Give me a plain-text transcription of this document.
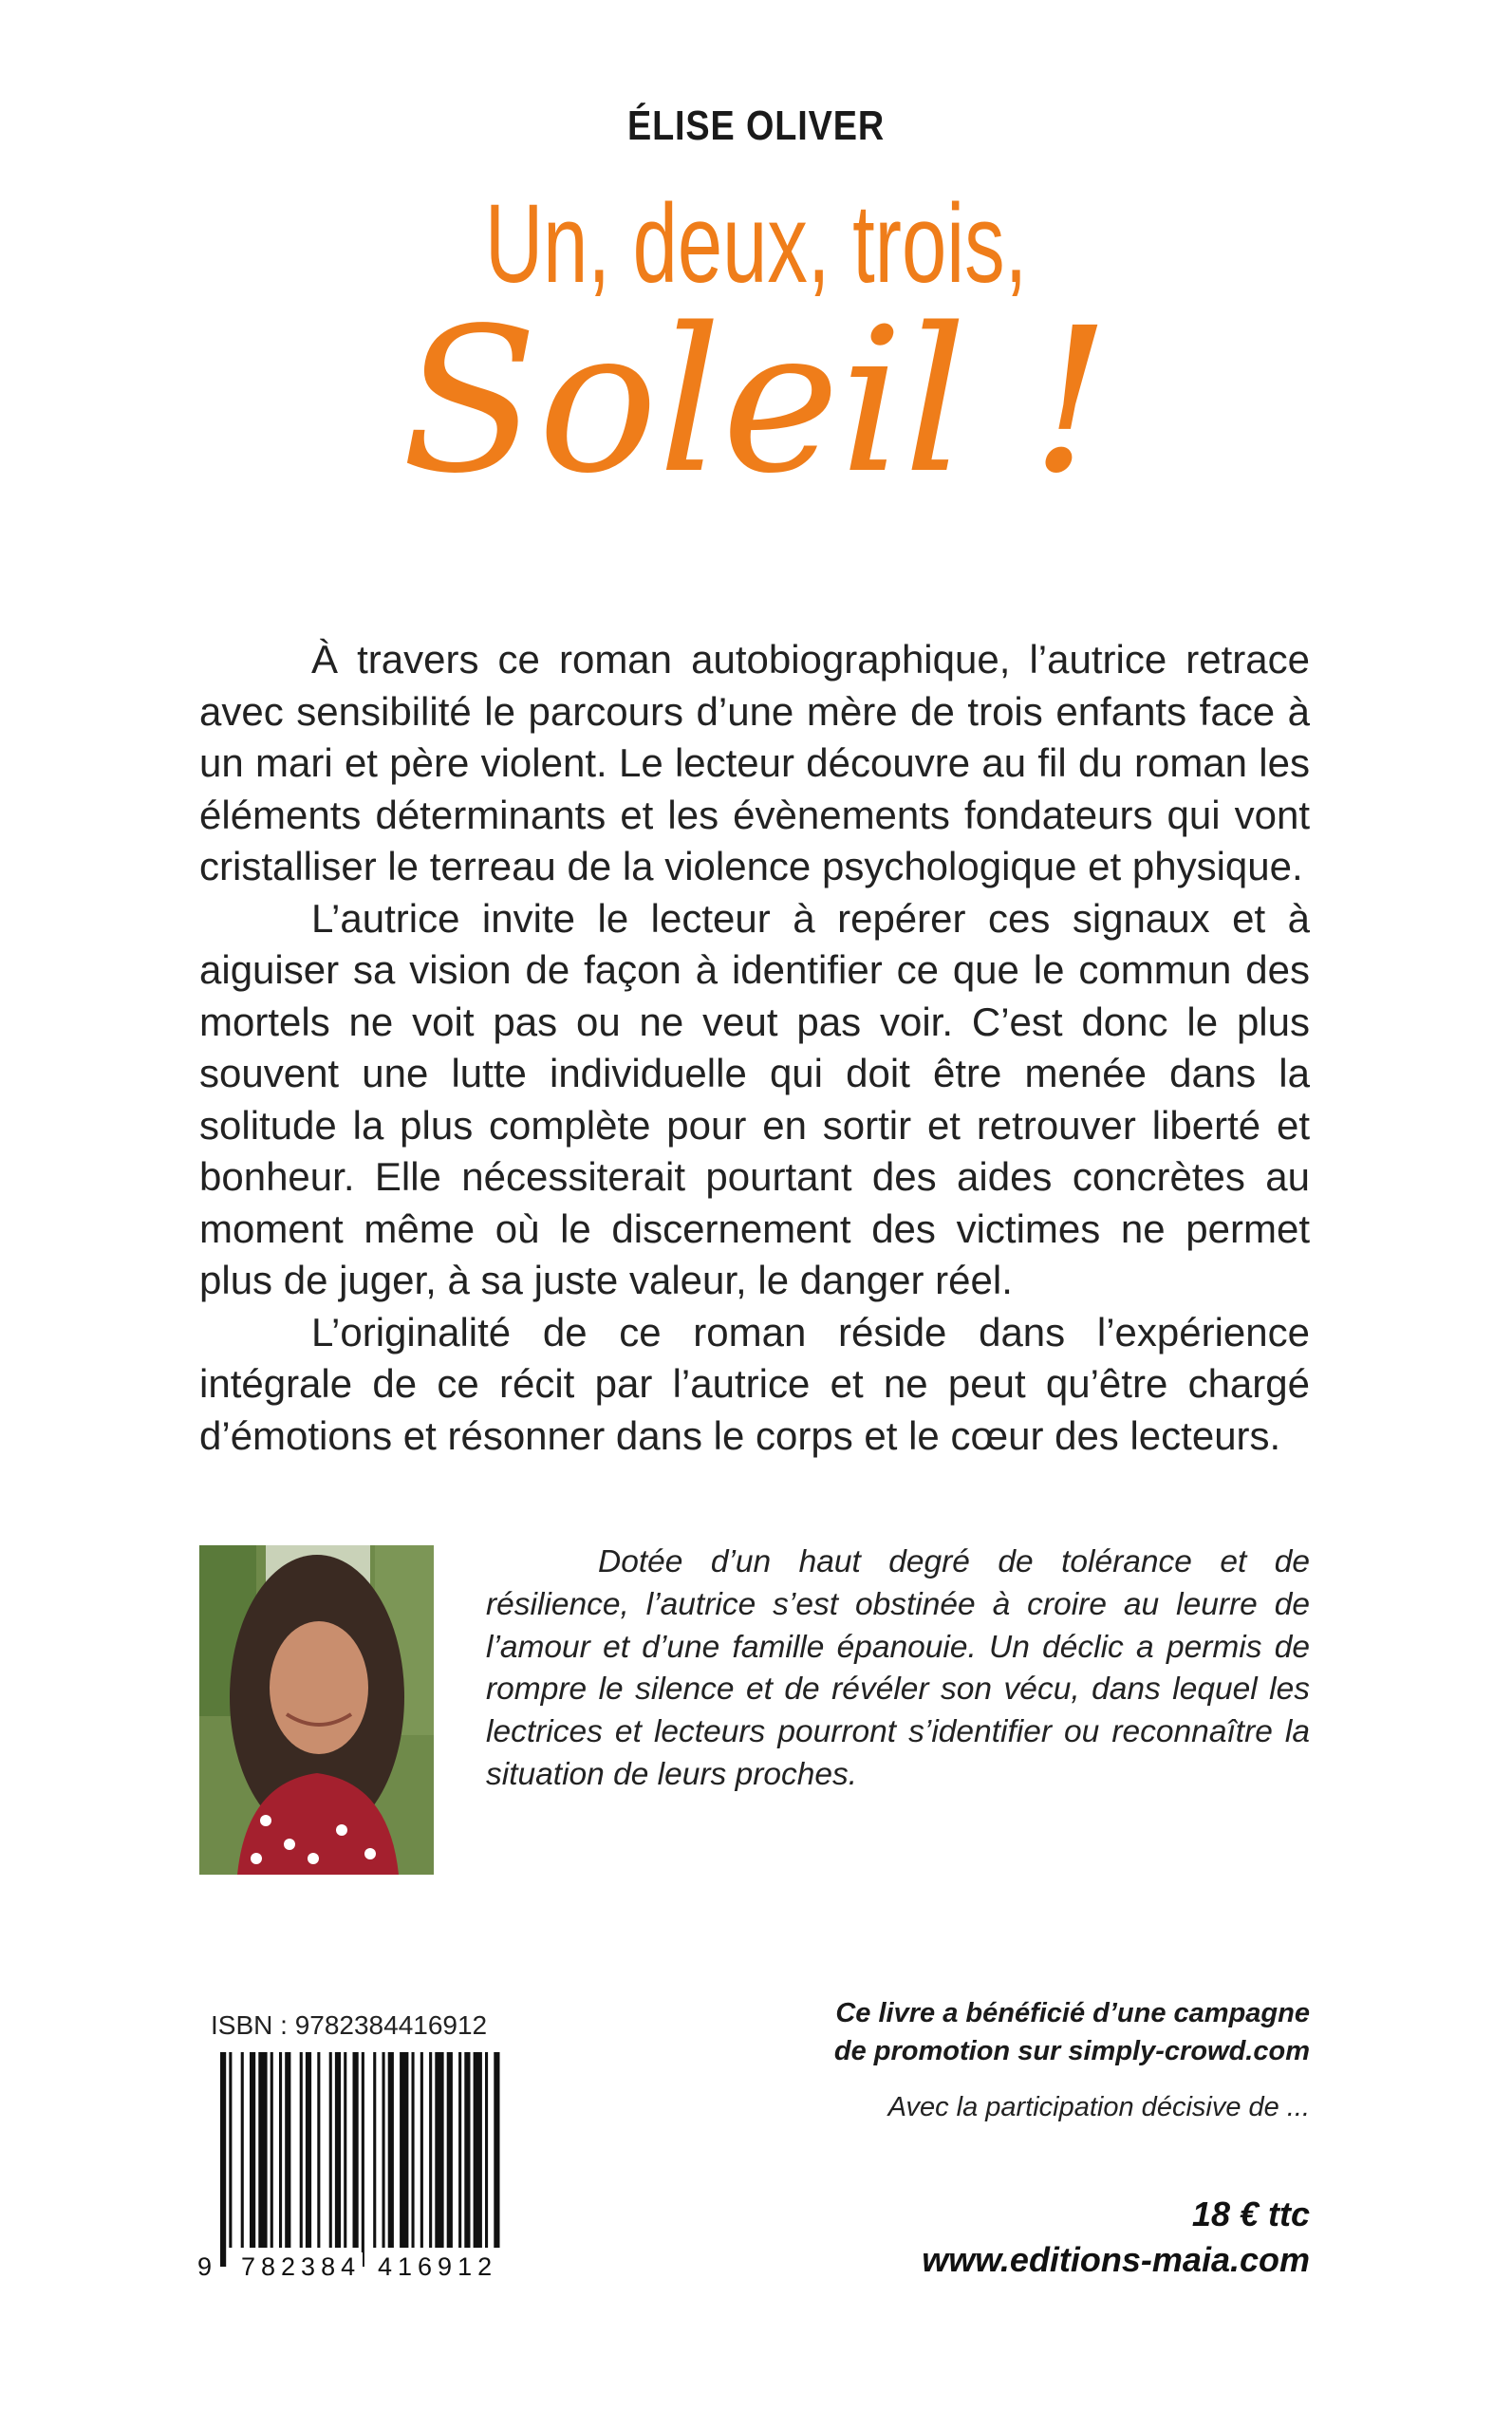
ÉLISE OLIVER
Un, deux, trois,
Soleil !

À travers ce roman autobiographique, l’autrice retrace avec sensibilité le parcours d’une mère de trois enfants face à un mari et père violent. Le lecteur découvre au fil du roman les éléments déterminants et les évènements fondateurs qui vont cristalliser le terreau de la violence psychologique et physique.

L’autrice invite le lecteur à repérer ces signaux et à aiguiser sa vision de façon à identifier ce que le commun des mortels ne voit pas ou ne veut pas voir. C’est donc le plus souvent une lutte individuelle qui doit être menée dans la solitude la plus complète pour en sortir et retrouver liberté et bonheur. Elle nécessiterait pourtant des aides concrètes au moment même où le discernement des victimes ne permet plus de juger, à sa juste valeur, le danger réel.

L’originalité de ce roman réside dans l’expérience intégrale de ce récit par l’autrice et ne peut qu’être chargé d’émotions et résonner dans le corps et le cœur des lecteurs.

Dotée d’un haut degré de tolérance et de résilience, l’autrice s’est obstinée à croire au leurre de l’amour et d’une famille épanouie. Un déclic a permis de rompre le silence et de révéler son vécu, dans lequel les lectrices et lecteurs pourront s’identifier ou reconnaître la situation de leurs proches.

ISBN : 9782384416912
9 782384 416912
Ce livre a bénéficié d’une campagne
de promotion sur simply-crowd.com
Avec la participation décisive de ...
18 € ttc
www.editions-maia.com
